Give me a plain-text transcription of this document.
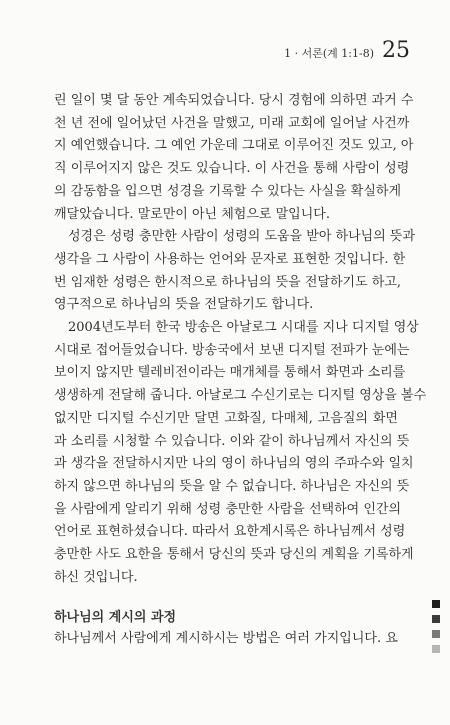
1 · 서론(계 1:1-8) 25

린 일이 몇 달 동안 계속되었습니다. 당시 경험에 의하면 과거 수
천 년 전에 일어났던 사건을 말했고, 미래 교회에 일어날 사건까
지 예언했습니다. 그 예언 가운데 그대로 이루어진 것도 있고, 아
직 이루어지지 않은 것도 있습니다. 이 사건을 통해 사람이 성령
의 감동함을 입으면 성경을 기록할 수 있다는 사실을 확실하게
깨달았습니다. 말로만이 아닌 체험으로 말입니다.

성경은 성령 충만한 사람이 성령의 도움을 받아 하나님의 뜻과
생각을 그 사람이 사용하는 언어와 문자로 표현한 것입니다. 한
번 임재한 성령은 한시적으로 하나님의 뜻을 전달하기도 하고,
영구적으로 하나님의 뜻을 전달하기도 합니다.

2004년도부터 한국 방송은 아날로그 시대를 지나 디지털 영상
시대로 접어들었습니다. 방송국에서 보낸 디지털 전파가 눈에는
보이지 않지만 텔레비전이라는 매개체를 통해서 화면과 소리를
생생하게 전달해 줍니다. 아날로그 수신기로는 디지털 영상을 볼수
없지만 디지털 수신기만 달면 고화질, 다매체, 고음질의 화면
과 소리를 시청할 수 있습니다. 이와 같이 하나님께서 자신의 뜻
과 생각을 전달하시지만 나의 영이 하나님의 영의 주파수와 일치
하지 않으면 하나님의 뜻을 알 수 없습니다. 하나님은 자신의 뜻
을 사람에게 알리기 위해 성령 충만한 사람을 선택하여 인간의
언어로 표현하셨습니다. 따라서 요한계시록은 하나님께서 성령
충만한 사도 요한을 통해서 당신의 뜻과 당신의 계획을 기록하게
하신 것입니다.

하나님의 계시의 과정

하나님께서 사람에게 계시하시는 방법은 여러 가지입니다. 요
